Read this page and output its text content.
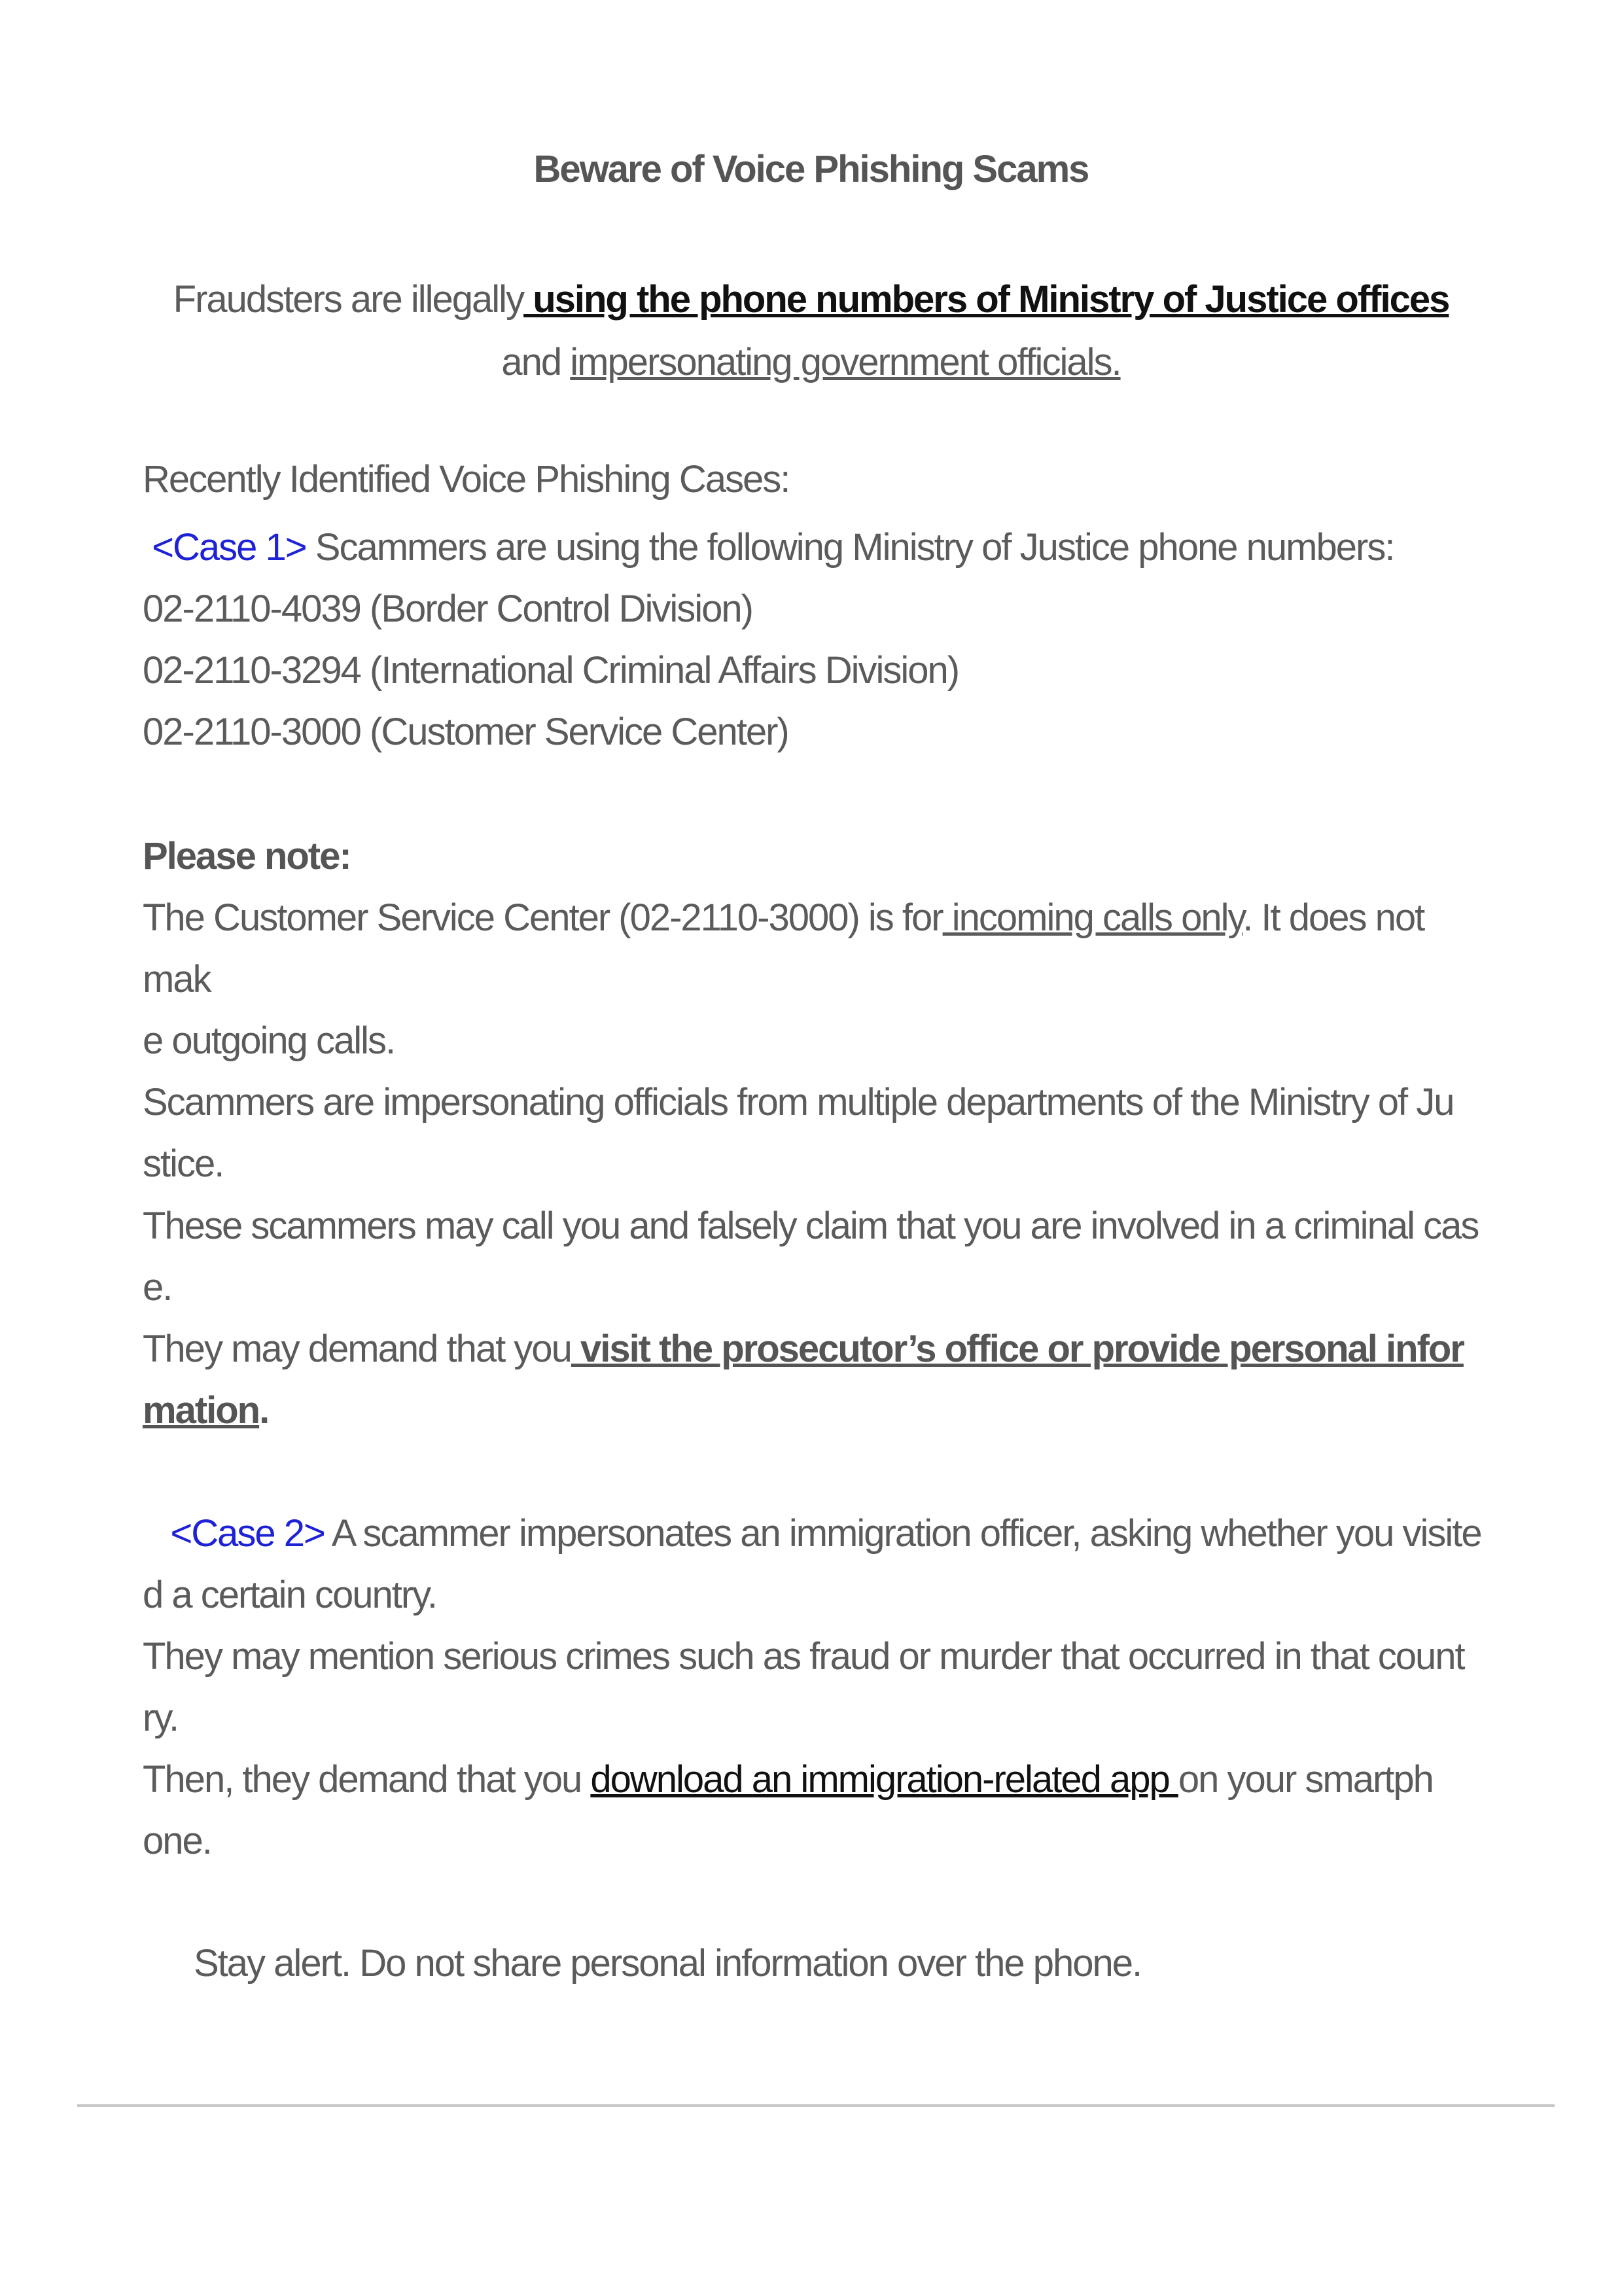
Beware of Voice Phishing Scams
Fraudsters are illegally using the phone numbers of Ministry of Justice offices
and impersonating government officials.

Recently Identified Voice Phishing Cases:

<Case 1> Scammers are using the following Ministry of Justice phone numbers:

02-2110-4039 (Border Control Division)

02-2110-3294 (International Criminal Affairs Division)

02-2110-3000 (Customer Service Center)

Please note:

The Customer Service Center (02-2110-3000) is for incoming calls only. It does not mak

e outgoing calls.

Scammers are impersonating officials from multiple departments of the Ministry of Ju

stice.

These scammers may call you and falsely claim that you are involved in a criminal cas

e.

They may demand that you visit the prosecutor’s office or provide personal infor

mation.

<Case 2> A scammer impersonates an immigration officer, asking whether you visite

d a certain country.

They may mention serious crimes such as fraud or murder that occurred in that count

ry.

Then, they demand that you download an immigration-related app on your smartph

one.

Stay alert. Do not share personal information over the phone.
